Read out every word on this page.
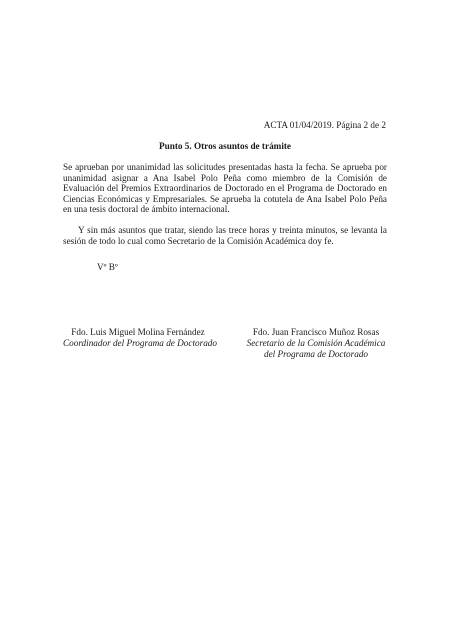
ACTA 01/04/2019. Página 2 de 2
Punto 5. Otros asuntos de trámite

Se aprueban por unanimidad las solicitudes presentadas hasta la fecha. Se aprueba por unanimidad asignar a Ana Isabel Polo Peña como miembro de la Comisión de Evaluación del Premios Extraordinarios de Doctorado en el Programa de Doctorado en Ciencias Económicas y Empresariales. Se aprueba la cotutela de Ana Isabel Polo Peña en una tesis doctoral de ámbito internacional.

Y sin más asuntos que tratar, siendo las trece horas y treinta minutos, se levanta la sesión de todo lo cual como Secretario de la Comisión Académica doy fe.

Vº Bº
Fdo. Luis Miguel Molina Fernández
Coordinador del Programa de Doctorado
Fdo. Juan Francisco Muñoz Rosas
Secretario de la Comisión Académica
del Programa de Doctorado
